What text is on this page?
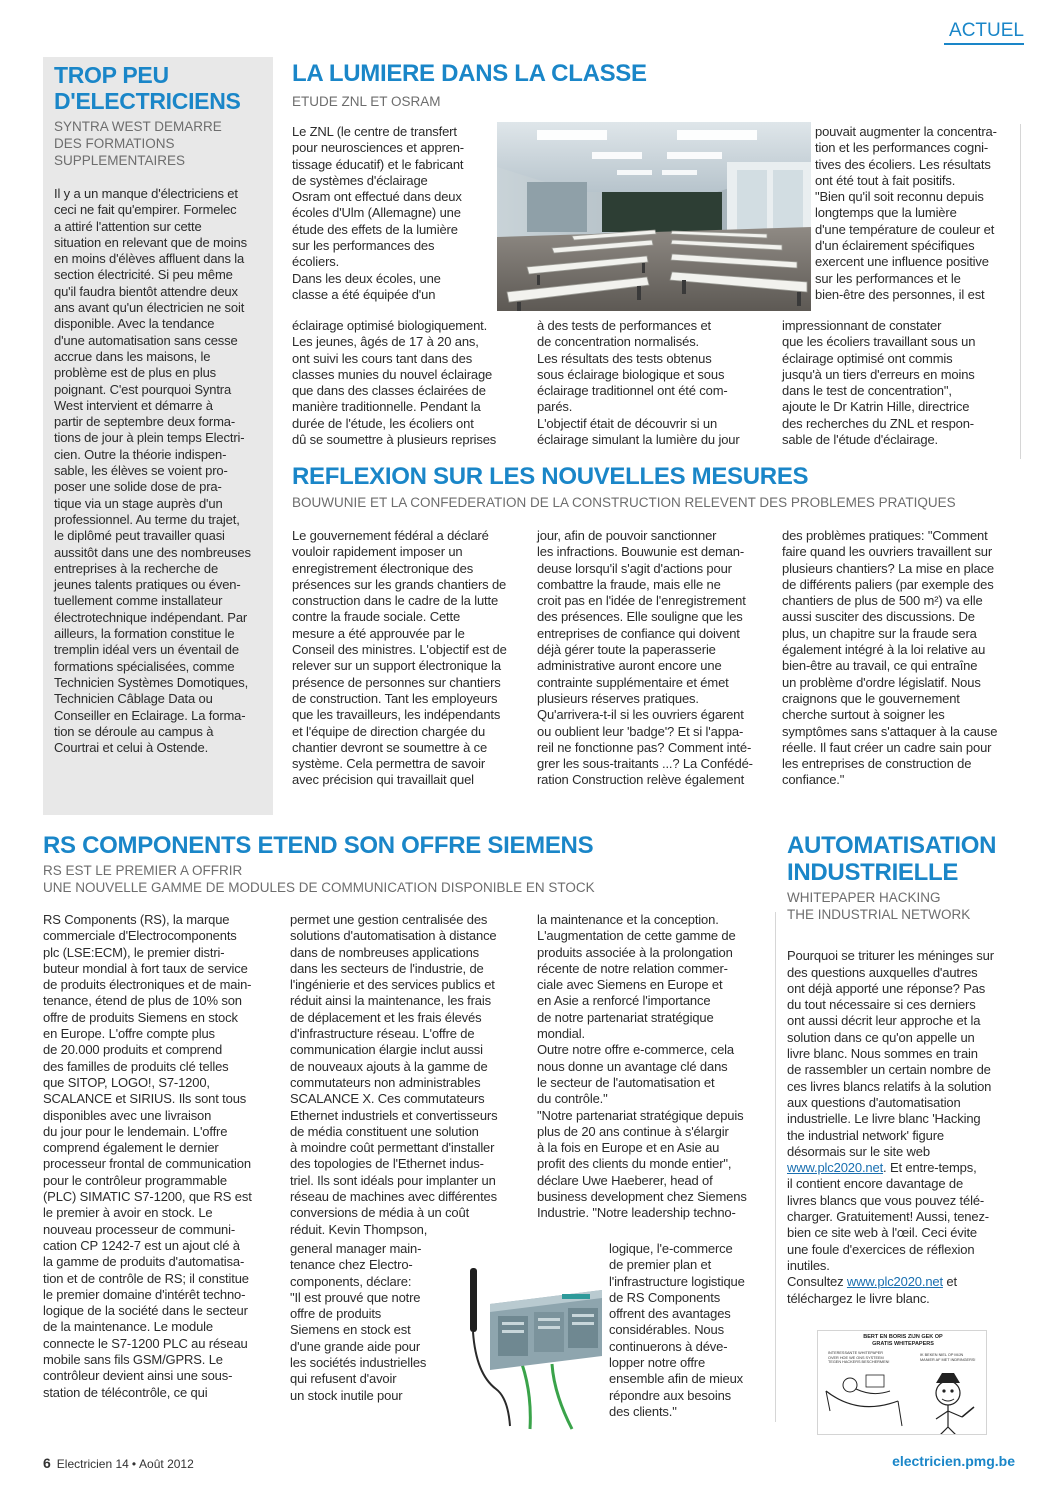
ACTUEL
TROP PEU
D'ELECTRICIENS
SYNTRA WEST DEMARRE
DES FORMATIONS
SUPPLEMENTAIRES
Il y a un manque d'électriciens et
ceci ne fait qu'empirer. Formelec
a attiré l'attention sur cette
situation en relevant que de moins
en moins d'élèves affluent dans la
section électricité. Si peu même
qu'il faudra bientôt attendre deux
ans avant qu'un électricien ne soit
disponible. Avec la tendance
d'une automatisation sans cesse
accrue dans les maisons, le
problème est de plus en plus
poignant. C'est pourquoi Syntra
West intervient et démarre à
partir de septembre deux forma-
tions de jour à plein temps Electri-
cien. Outre la théorie indispen-
sable, les élèves se voient pro-
poser une solide dose de pra-
tique via un stage auprès d'un
professionnel. Au terme du trajet,
le diplômé peut travailler quasi
aussitôt dans une des nombreuses
entreprises à la recherche de
jeunes talents pratiques ou éven-
tuellement comme installateur
électrotechnique indépendant. Par
ailleurs, la formation constitue le
tremplin idéal vers un éventail de
formations spécialisées, comme
Technicien Systèmes Domotiques,
Technicien Câblage Data ou
Conseiller en Eclairage. La forma-
tion se déroule au campus à
Courtrai et celui à Ostende.
LA LUMIERE DANS LA CLASSE
ETUDE ZNL ET OSRAM
Le ZNL (le centre de transfert
pour neurosciences et appren-
tissage éducatif) et le fabricant
de systèmes d'éclairage
Osram ont effectué dans deux
écoles d'Ulm (Allemagne) une
étude des effets de la lumière
sur les performances des
écoliers.
Dans les deux écoles, une
classe a été équipée d'un
éclairage optimisé biologiquement.
Les jeunes, âgés de 17 à 20 ans,
ont suivi les cours tant dans des
classes munies du nouvel éclairage
que dans des classes éclairées de
manière traditionnelle. Pendant la
durée de l'étude, les écoliers ont
dû se soumettre à plusieurs reprises
à des tests de performances et
de concentration normalisés.
Les résultats des tests obtenus
sous éclairage biologique et sous
éclairage traditionnel ont été com-
parés.
L'objectif était de découvrir si un
éclairage simulant la lumière du jour
pouvait augmenter la concentra-
tion et les performances cogni-
tives des écoliers. Les résultats
ont été tout à fait positifs.
"Bien qu'il soit reconnu depuis
longtemps que la lumière
d'une température de couleur et
d'un éclairement spécifiques
exercent une influence positive
sur les performances et le
bien-être des personnes, il est
impressionnant de constater
que les écoliers travaillant sous un
éclairage optimisé ont commis
jusqu'à un tiers d'erreurs en moins
dans le test de concentration",
ajoute le Dr Katrin Hille, directrice
des recherches du ZNL et respon-
sable de l'étude d'éclairage.
REFLEXION SUR LES NOUVELLES MESURES
BOUWUNIE ET LA CONFEDERATION DE LA CONSTRUCTION RELEVENT DES PROBLEMES PRATIQUES
Le gouvernement fédéral a déclaré
vouloir rapidement imposer un
enregistrement électronique des
présences sur les grands chantiers de
construction dans le cadre de la lutte
contre la fraude sociale. Cette
mesure a été approuvée par le
Conseil des ministres. L'objectif est de
relever sur un support électronique la
présence de personnes sur chantiers
de construction. Tant les employeurs
que les travailleurs, les indépendants
et l'équipe de direction chargée du
chantier devront se soumettre à ce
système. Cela permettra de savoir
avec précision qui travaillait quel
jour, afin de pouvoir sanctionner
les infractions. Bouwunie est deman-
deuse lorsqu'il s'agit d'actions pour
combattre la fraude, mais elle ne
croit pas en l'idée de l'enregistrement
des présences. Elle souligne que les
entreprises de confiance qui doivent
déjà gérer toute la paperasserie
administrative auront encore une
contrainte supplémentaire et émet
plusieurs réserves pratiques.
Qu'arrivera-t-il si les ouvriers égarent
ou oublient leur 'badge'? Et si l'appa-
reil ne fonctionne pas? Comment inté-
grer les sous-traitants ...? La Confédé-
ration Construction relève également
des problèmes pratiques: "Comment
faire quand les ouvriers travaillent sur
plusieurs chantiers? La mise en place
de différents paliers (par exemple des
chantiers de plus de 500 m²) va elle
aussi susciter des discussions. De
plus, un chapitre sur la fraude sera
également intégré à la loi relative au
bien-être au travail, ce qui entraîne
un problème d'ordre législatif. Nous
craignons que le gouvernement
cherche surtout à soigner les
symptômes sans s'attaquer à la cause
réelle. Il faut créer un cadre sain pour
les entreprises de construction de
confiance."
RS COMPONENTS ETEND SON OFFRE SIEMENS
RS EST LE PREMIER A OFFRIR
UNE NOUVELLE GAMME DE MODULES DE COMMUNICATION DISPONIBLE EN STOCK
RS Components (RS), la marque
commerciale d'Electrocomponents
plc (LSE:ECM), le premier distri-
buteur mondial à fort taux de service
de produits électroniques et de main-
tenance, étend de plus de 10% son
offre de produits Siemens en stock
en Europe. L'offre compte plus
de 20.000 produits et comprend
des familles de produits clé telles
que SITOP, LOGO!, S7-1200,
SCALANCE et SIRIUS. Ils sont tous
disponibles avec une livraison
du jour pour le lendemain. L'offre
comprend également le dernier
processeur frontal de communication
pour le contrôleur programmable
(PLC) SIMATIC S7-1200, que RS est
le premier à avoir en stock. Le
nouveau processeur de communi-
cation CP 1242-7 est un ajout clé à
la gamme de produits d'automatisa-
tion et de contrôle de RS; il constitue
le premier domaine d'intérêt techno-
logique de la société dans le secteur
de la maintenance. Le module
connecte le S7-1200 PLC au réseau
mobile sans fils GSM/GPRS. Le
contrôleur devient ainsi une sous-
station de télécontrôle, ce qui
permet une gestion centralisée des
solutions d'automatisation à distance
dans de nombreuses applications
dans les secteurs de l'industrie, de
l'ingénierie et des services publics et
réduit ainsi la maintenance, les frais
de déplacement et les frais élevés
d'infrastructure réseau. L'offre de
communication élargie inclut aussi
de nouveaux ajouts à la gamme de
commutateurs non administrables
SCALANCE X. Ces commutateurs
Ethernet industriels et convertisseurs
de média constituent une solution
à moindre coût permettant d'installer
des topologies de l'Ethernet indus-
triel. Ils sont idéals pour implanter un
réseau de machines avec différentes
conversions de média à un coût
réduit. Kevin Thompson,
general manager main-
tenance chez Electro-
components, déclare:
"Il est prouvé que notre
offre de produits
Siemens en stock est
d'une grande aide pour
les sociétés industrielles
qui refusent d'avoir
un stock inutile pour
la maintenance et la conception.
L'augmentation de cette gamme de
produits associée à la prolongation
récente de notre relation commer-
ciale avec Siemens en Europe et
en Asie a renforcé l'importance
de notre partenariat stratégique
mondial.
Outre notre offre e-commerce, cela
nous donne un avantage clé dans
le secteur de l'automatisation et
du contrôle."
"Notre partenariat stratégique depuis
plus de 20 ans continue à s'élargir
à la fois en Europe et en Asie au
profit des clients du monde entier",
déclare Uwe Haeberer, head of
business development chez Siemens
Industrie. "Notre leadership techno-
logique, l'e-commerce
de premier plan et
l'infrastructure logistique
de RS Components
offrent des avantages
considérables. Nous
continuerons à déve-
lopper notre offre
ensemble afin de mieux
répondre aux besoins
des clients."
AUTOMATISATION
INDUSTRIELLE
WHITEPAPER HACKING
THE INDUSTRIAL NETWORK

Pourquoi se triturer les méninges sur
des questions auxquelles d'autres
ont déjà apporté une réponse? Pas
du tout nécessaire si ces derniers
ont aussi décrit leur approche et la
solution dans ce qu'on appelle un
livre blanc. Nous sommes en train
de rassembler un certain nombre de
ces livres blancs relatifs à la solution
aux questions d'automatisation
industrielle. Le livre blanc 'Hacking
the industrial network' figure
désormais sur le site web
www.plc2020.net. Et entre-temps,
il contient encore davantage de
livres blancs que vous pouvez télé-
charger. Gratuitement! Aussi, tenez-
bien ce site web à l'œil. Ceci évite
une foule d'exercices de réflexion
inutiles.
Consultez www.plc2020.net et
téléchargez le livre blanc.

BERT EN BORIS ZIJN GEK OP
GRATIS WHITEPAPERS
INTERESSANTE WHITEPAPER
OVER HOE WE ONS SYSTEEM
TEGEN HACKERS BESCHERMEN!
IK BEKEN NIEL OP MIJN
MANIER AF MET INDRINGERS!
6 Electricien 14 • Août 2012	electricien.pmg.be
